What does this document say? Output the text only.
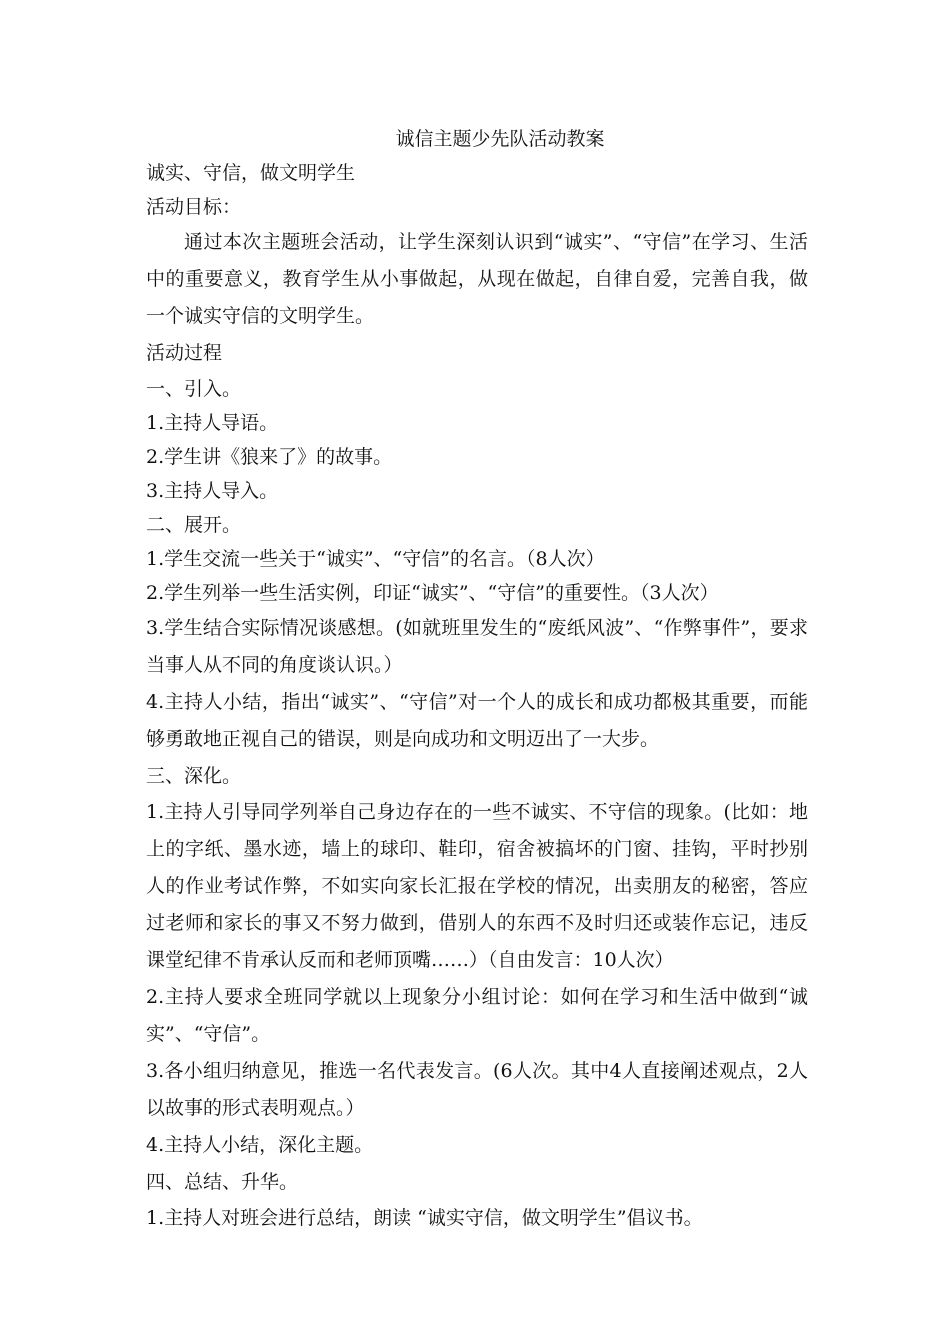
诚信主题少先队活动教案

诚实、守信，做文明学生

活动目标：

通过本次主题班会活动，让学生深刻认识到“诚实”、“守信”在学习、生活中的重要意义，教育学生从小事做起，从现在做起，自律自爱，完善自我，做一个诚实守信的文明学生。

活动过程

一、引入。

1.主持人导语。

2.学生讲《狼来了》的故事。

3.主持人导入。

二、展开。

1.学生交流一些关于“诚实”、“守信”的名言。（8人次）

2.学生列举一些生活实例，印证“诚实”、“守信”的重要性。（3人次）

3.学生结合实际情况谈感想。(如就班里发生的“废纸风波”、“作弊事件”，要求当事人从不同的角度谈认识。）

4.主持人小结，指出“诚实”、“守信”对一个人的成长和成功都极其重要，而能够勇敢地正视自己的错误，则是向成功和文明迈出了一大步。

三、深化。

1.主持人引导同学列举自己身边存在的一些不诚实、不守信的现象。(比如：地上的字纸、墨水迹，墙上的球印、鞋印，宿舍被搞坏的门窗、挂钩，平时抄别人的作业考试作弊，不如实向家长汇报在学校的情况，出卖朋友的秘密，答应过老师和家长的事又不努力做到，借别人的东西不及时归还或装作忘记，违反课堂纪律不肯承认反而和老师顶嘴……）（自由发言：10人次）

2.主持人要求全班同学就以上现象分小组讨论：如何在学习和生活中做到“诚实”、“守信”。

3.各小组归纳意见，推选一名代表发言。(6人次。其中4人直接阐述观点，2人以故事的形式表明观点。）

4.主持人小结，深化主题。

四、总结、升华。

1.主持人对班会进行总结，朗读 “诚实守信，做文明学生”倡议书。
